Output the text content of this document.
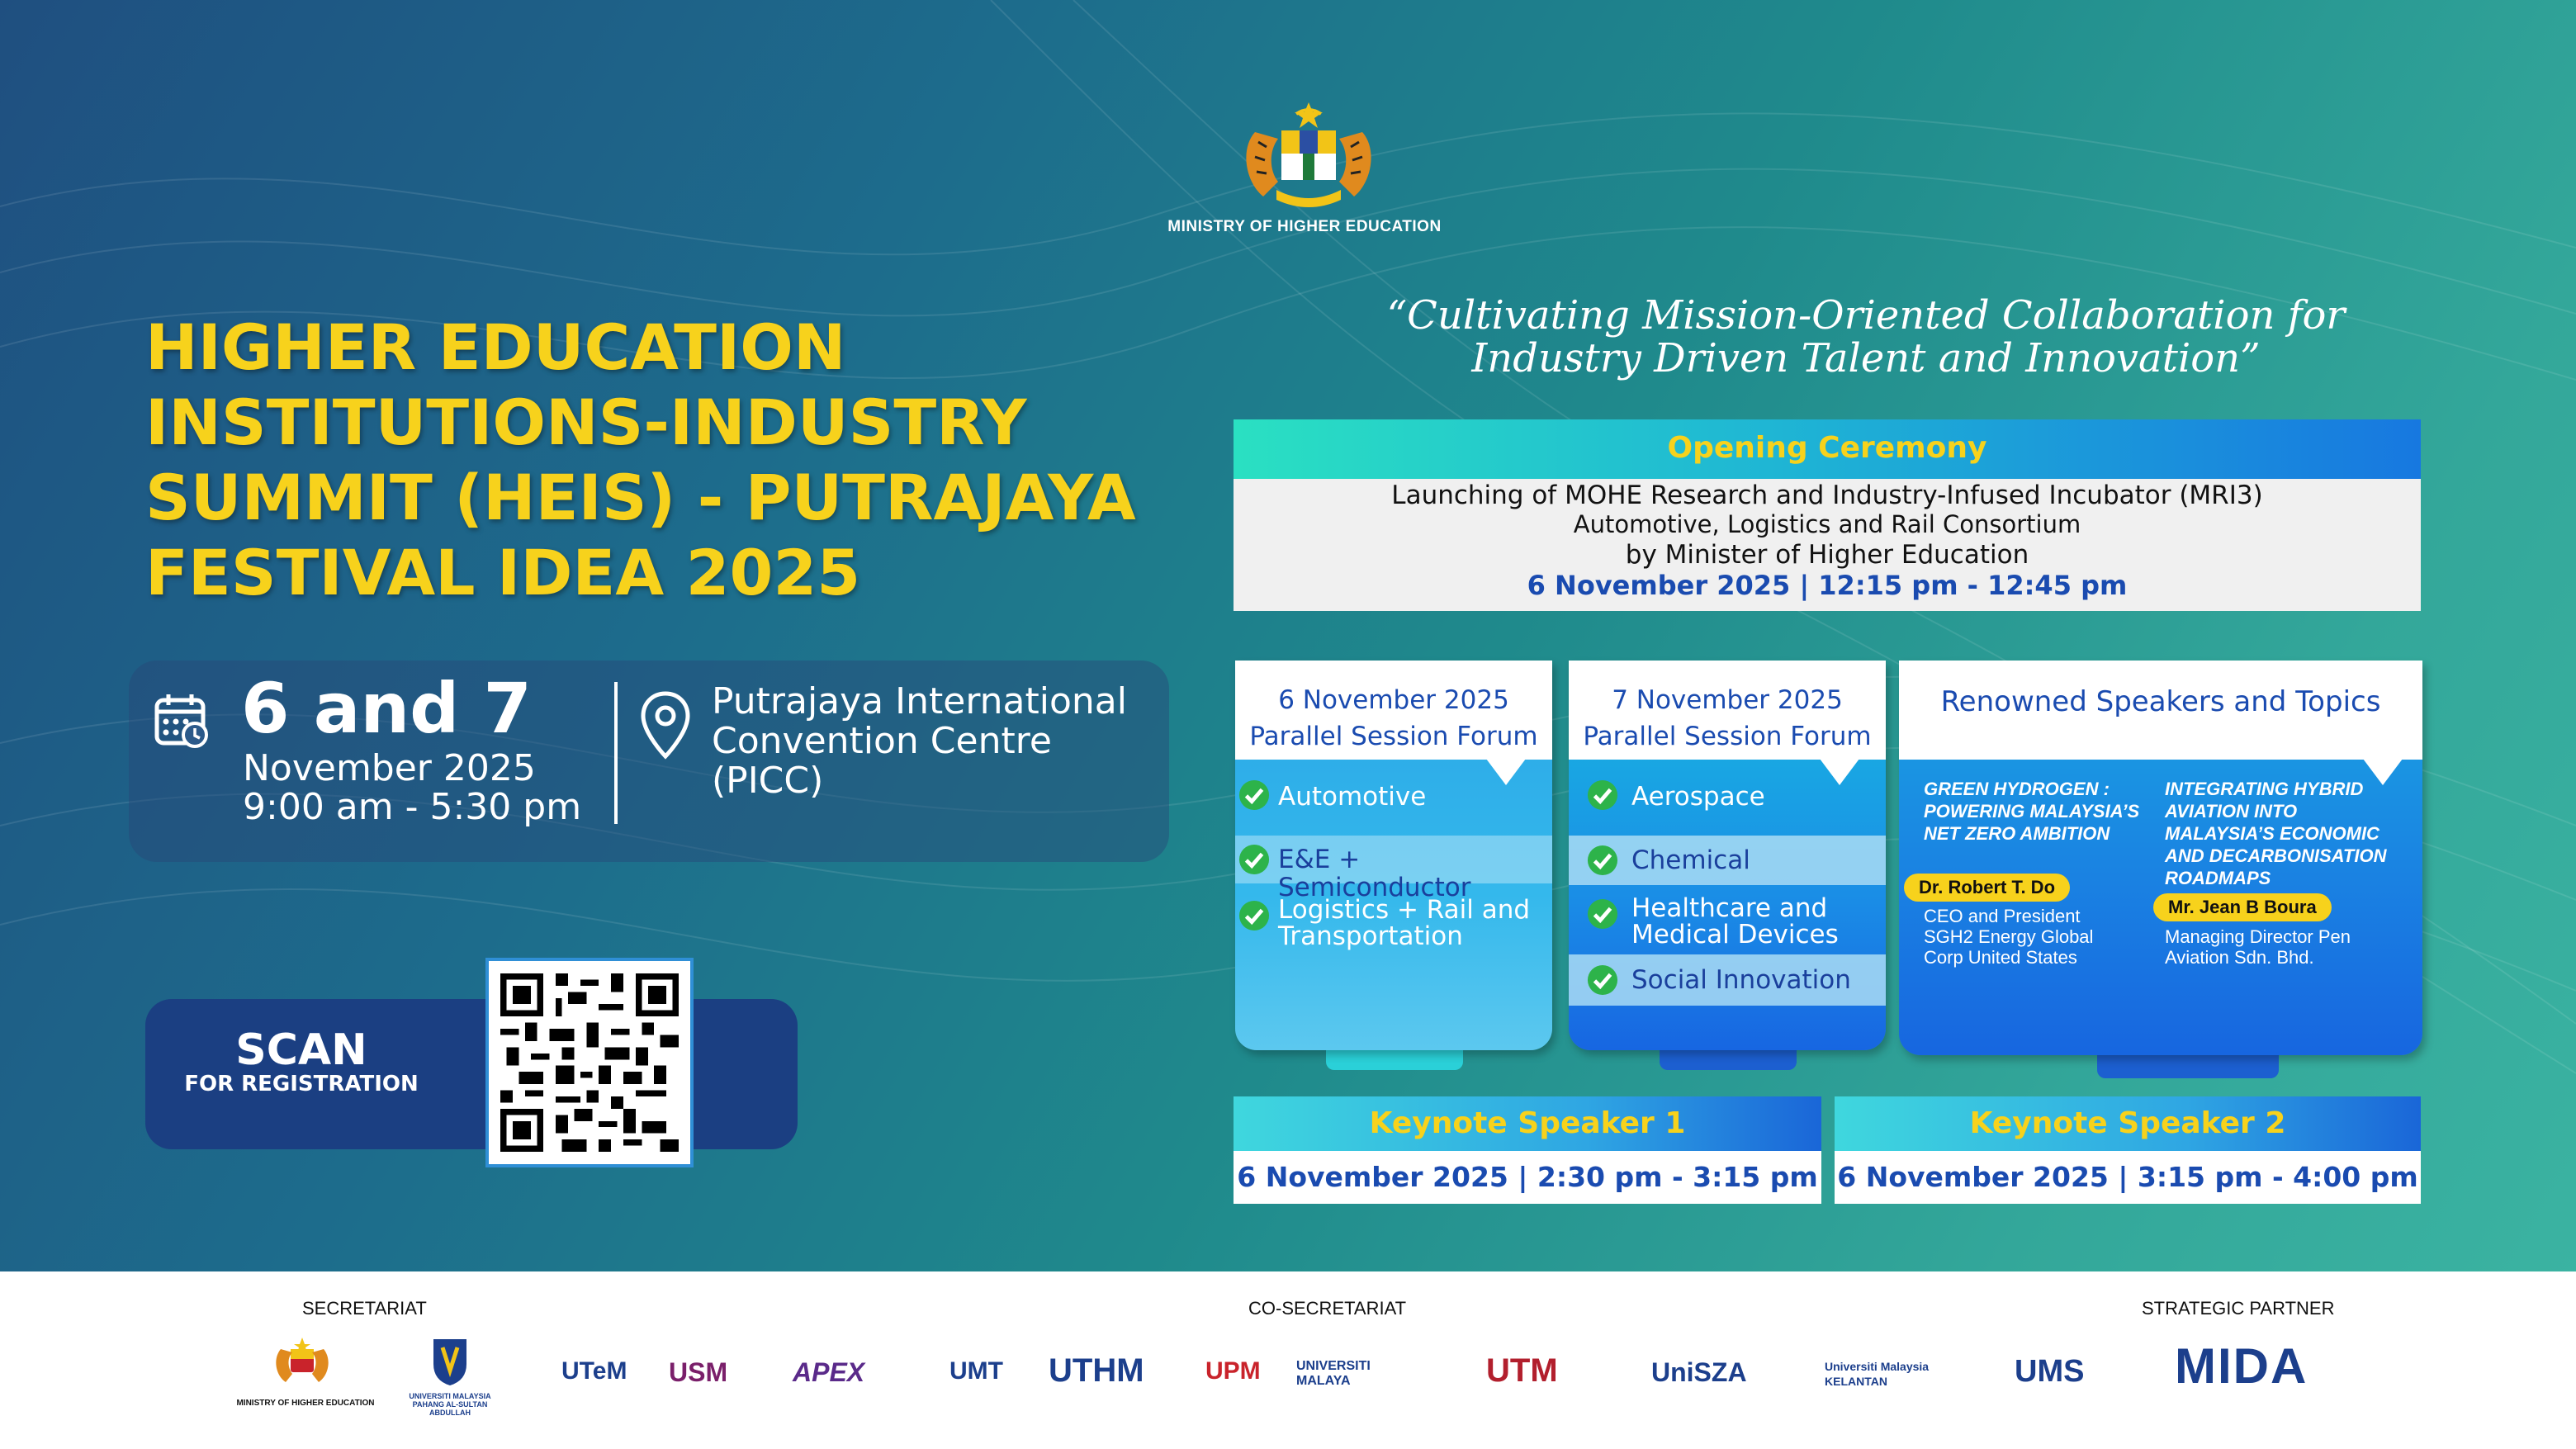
MINISTRY OF HIGHER EDUCATION
HIGHER EDUCATION INSTITUTIONS-INDUSTRY SUMMIT (HEIS) - PUTRAJAYA FESTIVAL IDEA 2025
6 and 7
November 2025
9:00 am - 5:30 pm
Putrajaya International Convention Centre (PICC)
SCAN
FOR REGISTRATION
“Cultivating Mission-Oriented Collaboration for
Industry Driven Talent and Innovation”
Opening Ceremony
Launching of MOHE Research and Industry-Infused Incubator (MRI3)
Automotive, Logistics and Rail Consortium
by Minister of Higher Education
6 November 2025 | 12:15 pm - 12:45 pm
6 November 2025
Parallel Session Forum
Automotive
E&E + Semiconductor
Logistics + Rail and Transportation
7 November 2025
Parallel Session Forum
Aerospace
Chemical
Healthcare and Medical Devices
Social Innovation
Renowned Speakers and Topics
GREEN HYDROGEN : POWERING MALAYSIA’S NET ZERO AMBITION
Dr. Robert T. Do
CEO and President SGH2 Energy Global Corp United States
INTEGRATING HYBRID AVIATION INTO MALAYSIA’S ECONOMIC AND DECARBONISATION ROADMAPS
Mr. Jean B Boura
Managing Director Pen Aviation Sdn. Bhd.
Keynote Speaker 1
6 November 2025 | 2:30 pm - 3:15 pm
Keynote Speaker 2
6 November 2025 | 3:15 pm - 4:00 pm
SECRETARIAT	CO-SECRETARIAT	STRATEGIC PARTNER
MINISTRY OF HIGHER EDUCATION
UNIVERSITI MALAYSIA PAHANG AL-SULTAN ABDULLAH
UTeM USM APEX	UMT UTHM UPM	UNIVERSITI MALAYA	UTM	UniSZA	Universiti Malaysia KELANTAN	UMS MIDA
